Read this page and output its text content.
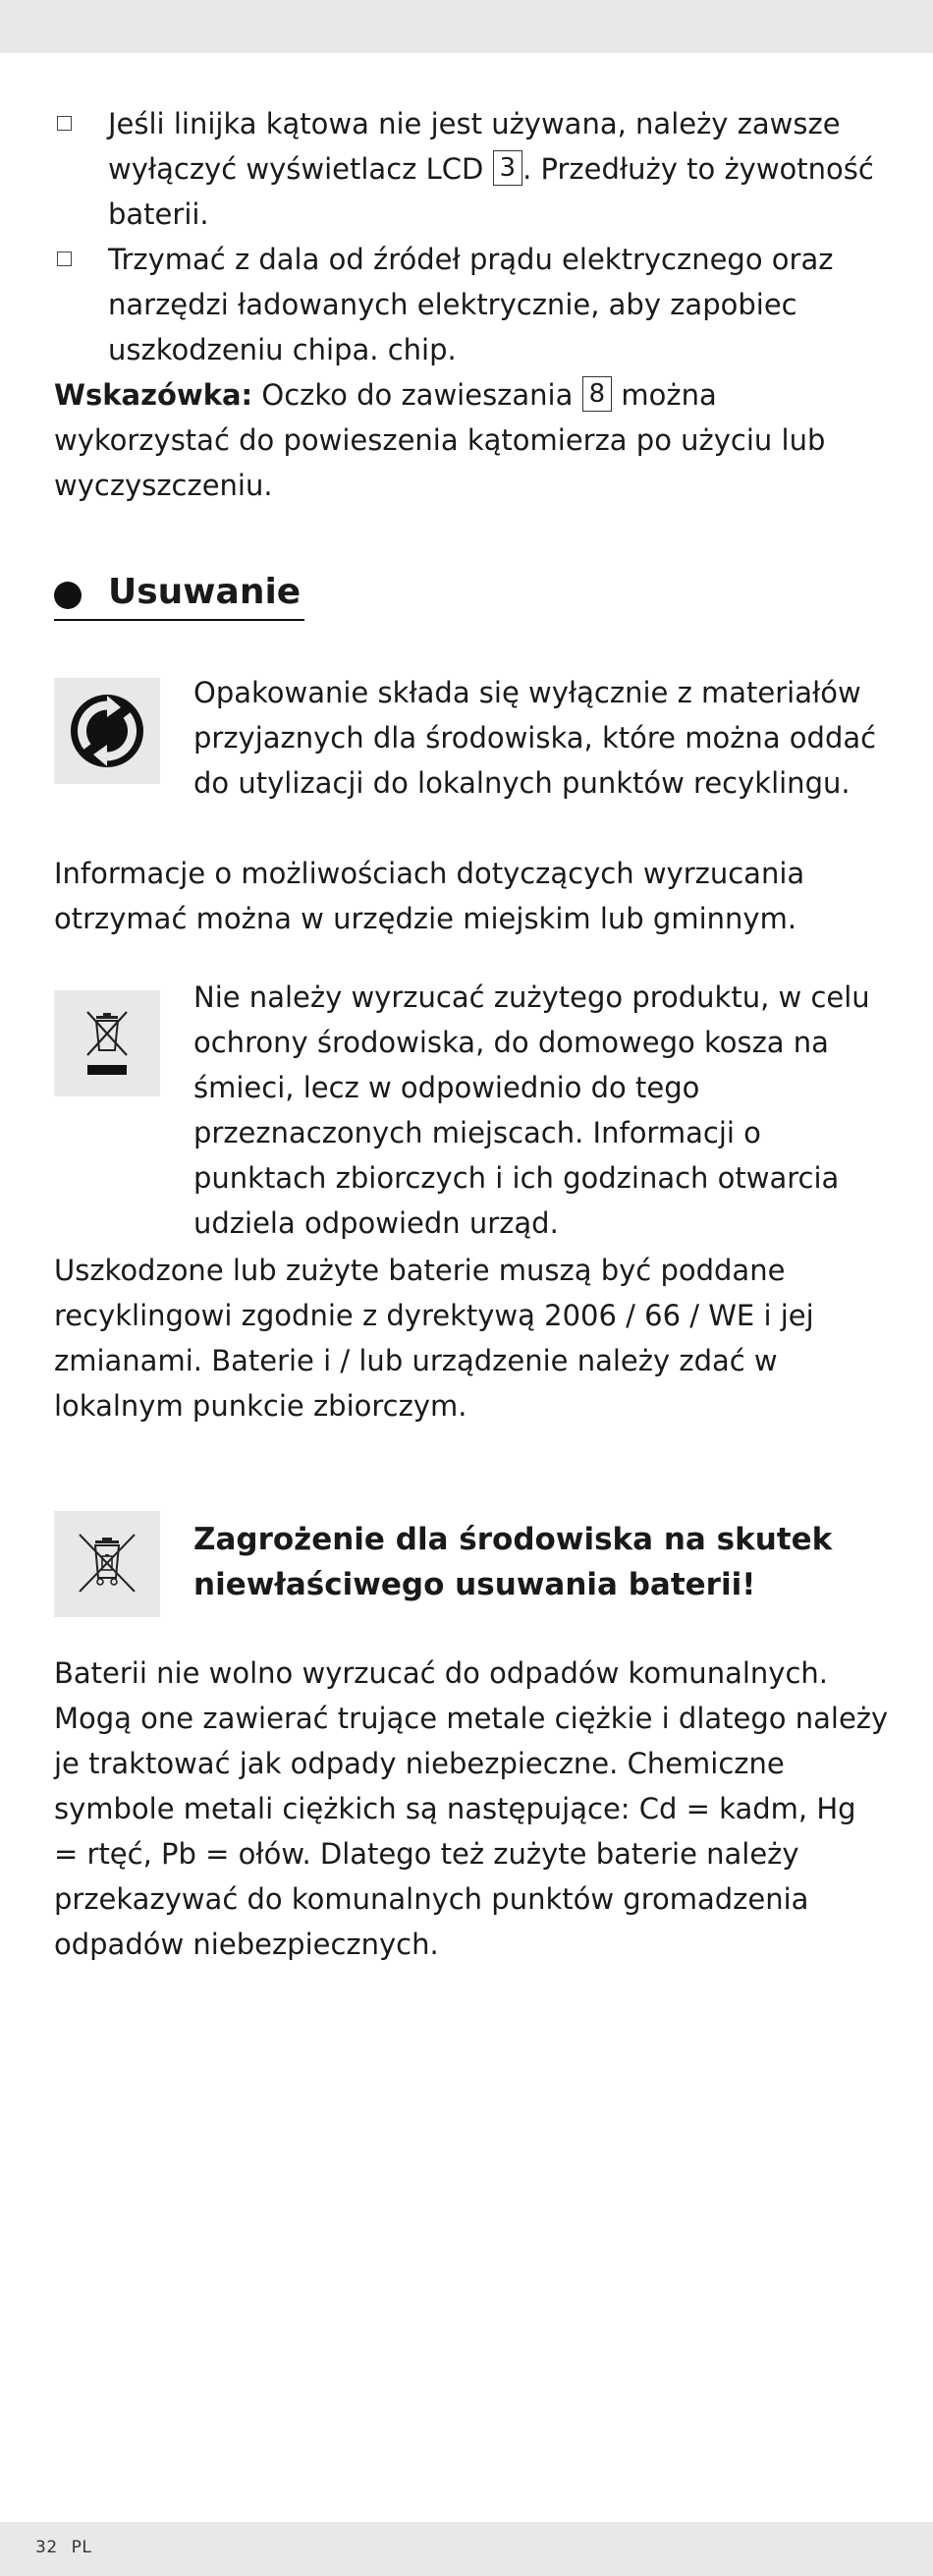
Jeśli linijka kątowa nie jest używana, należy zawsze wyłączyć wyświetlacz LCD 3 . Przedłuży to żywotność baterii.
Trzymać z dala od źródeł prądu elektrycznego oraz narzędzi ładowanych elektrycznie, aby zapobiec uszkodzeniu chipa. chip.

Wskazówka: Oczko do zawieszania 8 można wykorzystać do powieszenia kątomierza po użyciu lub wyczyszczeniu.

Usuwanie

Opakowanie składa się wyłącznie z materiałów przyjaznych dla środowiska, które można oddać do utylizacji do lokalnych punktów recyklingu.

Informacje o możliwościach dotyczących wyrzucania otrzymać można w urzędzie miejskim lub gminnym.

Nie należy wyrzucać zużytego produktu, w celu ochrony środowiska, do domowego kosza na śmieci, lecz w odpowiednio do tego przeznaczonych miejscach. Informacji o punktach zbiorczych i ich godzinach otwarcia udziela odpowiedn urząd.

Uszkodzone lub zużyte baterie muszą być poddane recyklingowi zgodnie z dyrektywą 2006 / 66 / WE i jej zmianami. Baterie i / lub urządzenie należy zdać w lokalnym punkcie zbiorczym.

Zagrożenie dla środowiska na skutek niewłaściwego usuwania baterii!

Baterii nie wolno wyrzucać do odpadów komunalnych. Mogą one zawierać trujące metale ciężkie i dlatego należy je traktować jak odpady niebezpieczne. Chemiczne symbole metali ciężkich są następujące: Cd = kadm, Hg = rtęć, Pb = ołów. Dlatego też zużyte baterie należy przekazywać do komunalnych punktów gromadzenia odpadów niebezpiecznych.

32 PL
